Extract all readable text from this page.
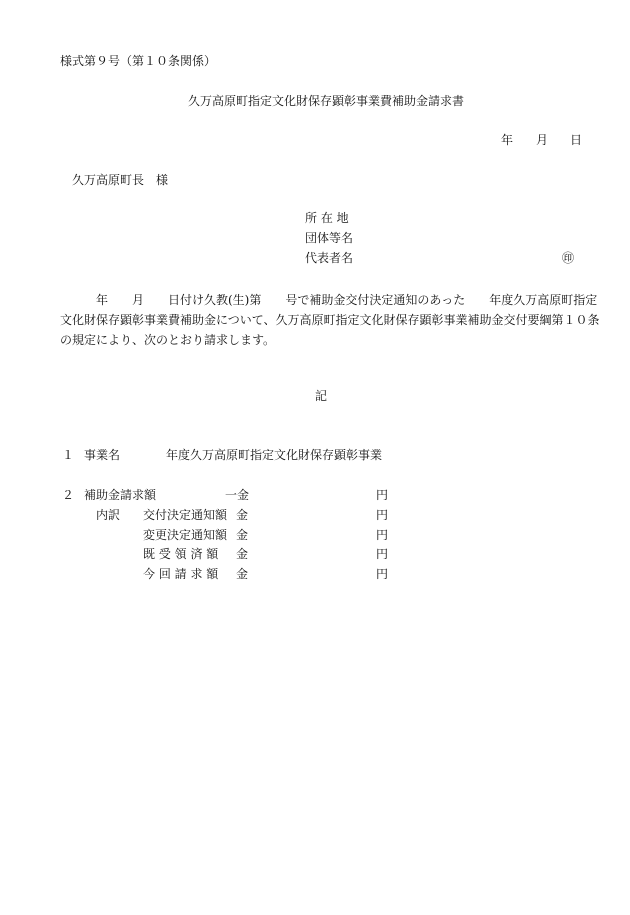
様式第９号（第１０条関係）
久万高原町指定文化財保存顕彰事業費補助金請求書
年 月 日
久万高原町長　様
所 在 地
団体等名
代表者名	㊞
　　　年　　月　　日付け久教(生)第　　号で補助金交付決定通知のあった　　年度久万高原町指定
文化財保存顕彰事業費補助金について、久万高原町指定文化財保存顕彰事業補助金交付要綱第１０条
の規定により、次のとおり請求します。
記
１ 事業名	年度久万高原町指定文化財保存顕彰事業
２ 補助金請求額	一金	円
内訳 交付決定通知額 金	円
変更決定通知額 金	円
既 受 領 済 額 金	円
今 回 請 求 額 金	円
